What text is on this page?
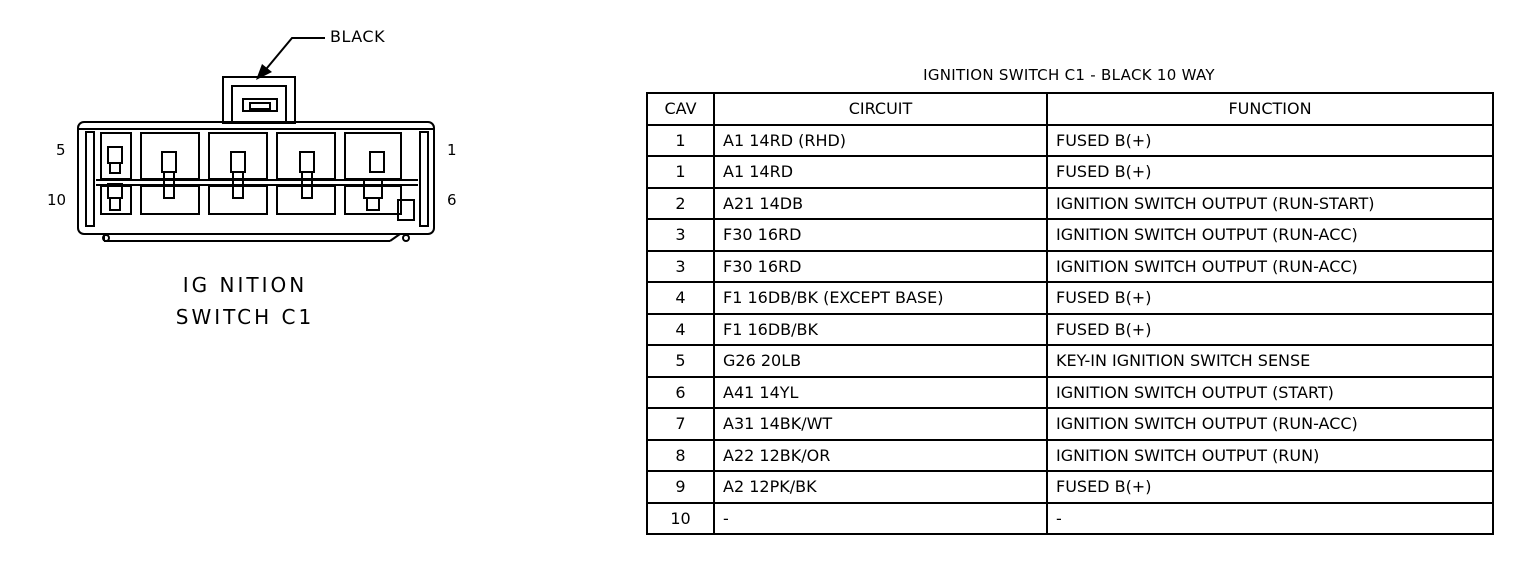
BLACK
5
10
1
6
IG NITION
SWITCH C1
IGNITION SWITCH C1 - BLACK 10 WAY
CAV	CIRCUIT	FUNCTION
1	A1 14RD (RHD)	FUSED B(+)
1	A1 14RD	FUSED B(+)
2	A21 14DB	IGNITION SWITCH OUTPUT (RUN-START)
3	F30 16RD	IGNITION SWITCH OUTPUT (RUN-ACC)
3	F30 16RD	IGNITION SWITCH OUTPUT (RUN-ACC)
4	F1 16DB/BK (EXCEPT BASE)	FUSED B(+)
4	F1 16DB/BK	FUSED B(+)
5	G26 20LB	KEY-IN IGNITION SWITCH SENSE
6	A41 14YL	IGNITION SWITCH OUTPUT (START)
7	A31 14BK/WT	IGNITION SWITCH OUTPUT (RUN-ACC)
8	A22 12BK/OR	IGNITION SWITCH OUTPUT (RUN)
9	A2 12PK/BK	FUSED B(+)
10	-	-
